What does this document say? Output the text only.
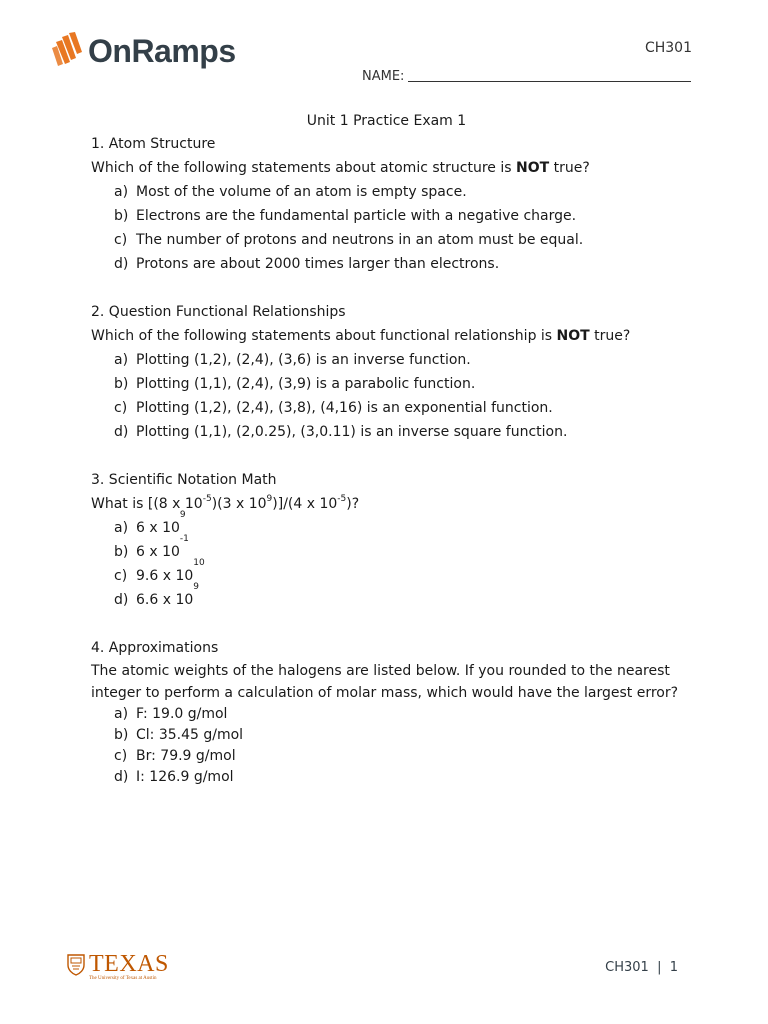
OnRamps	CH301
NAME:
Unit 1 Practice Exam 1

1. Atom Structure

Which of the following statements about atomic structure is NOT true?

a) Most of the volume of an atom is empty space.
b) Electrons are the fundamental particle with a negative charge.
c) The number of protons and neutrons in an atom must be equal.
d) Protons are about 2000 times larger than electrons.

2. Question Functional Relationships

Which of the following statements about functional relationship is NOT true?

a) Plotting (1,2), (2,4), (3,6) is an inverse function.
b) Plotting (1,1), (2,4), (3,9) is a parabolic function.
c) Plotting (1,2), (2,4), (3,8), (4,16) is an exponential function.
d) Plotting (1,1), (2,0.25), (3,0.11) is an inverse square function.

3. Scientific Notation Math

What is [(8 x $10^{-5})(3$ x $10^9)]/(4$ x $10^{-5}$)?

a) 6 x 10
$^9$
b) 6 x 10
$^{-1}$
c) 9.6 x 10
$^{10}$
d) 6.6 x 10
$^9$

4. Approximations

The atomic weights of the halogens are listed below. If you rounded to the nearest integer to perform a calculation of molar mass, which would have the largest error?

a) F: 19.0 g/mol
b) Cl: 35.45 g/mol
c) Br: 79.9 g/mol
d) I: 126.9 g/mol
TEXAS
The University of Texas at Austin
CH301  |  1
